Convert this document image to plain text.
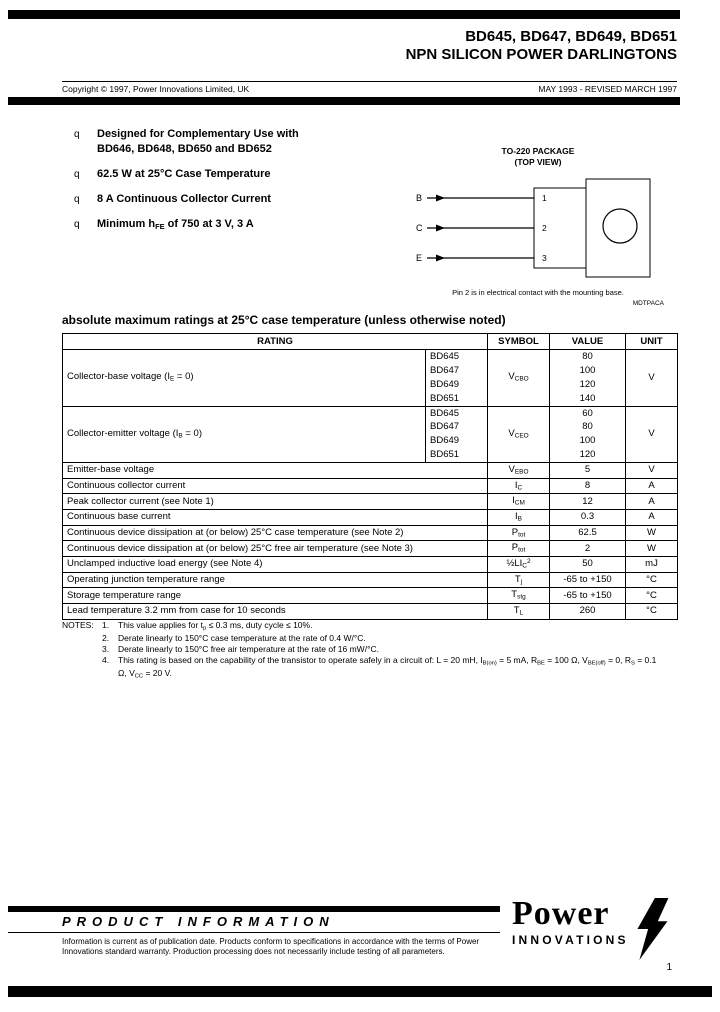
BD645, BD647, BD649, BD651
NPN SILICON POWER DARLINGTONS
Copyright © 1997, Power Innovations Limited, UK	MAY 1993 - REVISED MARCH 1997
q	Designed for Complementary Use with BD646, BD648, BD650 and BD652
q	62.5 W at 25°C Case Temperature
q	8 A Continuous Collector Current
q	Minimum $h_{FE}$ of 750 at 3 V, 3 A
TO-220 PACKAGE
(TOP VIEW)
B
C
E
1
2
3
Pin 2 is in electrical contact with the mounting base.
MDTPACA
absolute maximum ratings at 25°C case temperature (unless otherwise noted)
RATING		SYMBOL	VALUE	UNIT
Collector-base voltage $(I_E = 0)$	BD645	$V_{CBO}$	80	V
	BD647		100	
	BD649		120	
	BD651		140	
Collector-emitter voltage $(I_B = 0)$	BD645	$V_{CEO}$	60	V
	BD647		80	
	BD649		100	
	BD651		120	
Emitter-base voltage		$V_{EBO}$	5	V
Continuous collector current		$I_C$	8	A
Peak collector current (see Note 1)		$I_{CM}$	12	A
Continuous base current		$I_B$	0.3	A
Continuous device dissipation at (or below) 25°C case temperature (see Note 2)		$P_{tot}$	62.5	W
Continuous device dissipation at (or below) 25°C free air temperature (see Note 3)		$P_{tot}$	2	W
Unclamped inductive load energy (see Note 4)		$\frac{1}{2}LI_C^2$	50	mJ
Operating junction temperature range		$T_j$	-65 to +150	°C
Storage temperature range		$T_{stg}$	-65 to +150	°C
Lead temperature 3.2 mm from case for 10 seconds		$T_L$	260	°C
NOTES: 1.	This value applies for $t_p \le 0.3$ ms, duty cycle ≤ 10%.
2.	Derate linearly to 150°C case temperature at the rate of 0.4 W/°C.
3.	Derate linearly to 150°C free air temperature at the rate of 16 mW/°C.
4.	This rating is based on the capability of the transistor to operate safely in a circuit of: L = 20 mH, $I_{B(on)} = 5$ mA, $R_{BE} = 100$ Ω, $V_{BE(off)} = 0$, $R_S = 0.1$ Ω, $V_{CC} = 20$ V.
PRODUCT INFORMATION
Information is current as of publication date. Products conform to specifications in accordance with the terms of Power Innovations standard warranty. Production processing does not necessarily include testing of all parameters.
Power
INNOVATIONS
1
